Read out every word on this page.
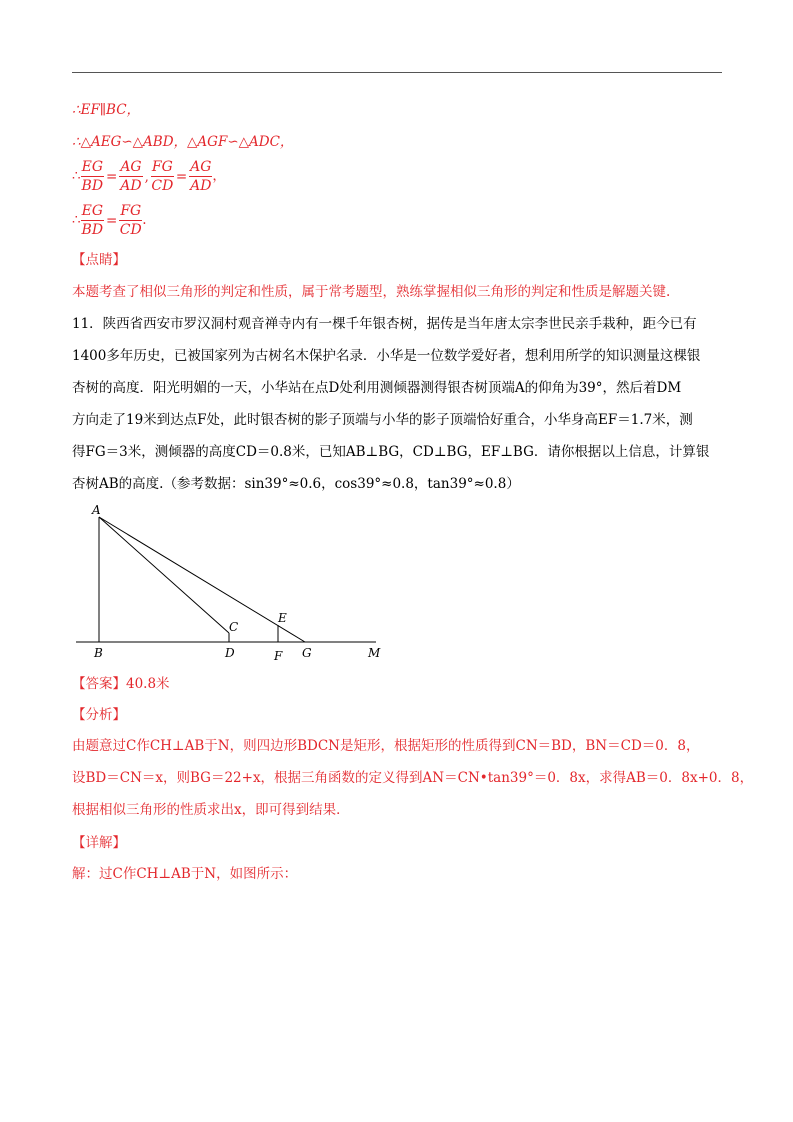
∴EF∥BC，
∴△AEG∽△ABD，△AGF∽△ADC，
∴ $\frac{EG}{BD} = \frac{AG}{AD}$ , $\frac{FG}{CD} = \frac{AG}{AD}$ ，
∴ $\frac{EG}{BD} = \frac{FG}{CD}$ .
【点睛】
本题考查了相似三角形的判定和性质，属于常考题型，熟练掌握相似三角形的判定和性质是解题关键.
11．陕西省西安市罗汉洞村观音禅寺内有一棵千年银杏树，据传是当年唐太宗李世民亲手栽种，距今已有
1400多年历史，已被国家列为古树名木保护名录．小华是一位数学爱好者，想利用所学的知识测量这棵银
杏树的高度．阳光明媚的一天，小华站在点D处利用测倾器测得银杏树顶端A的仰角为39°，然后着DM
方向走了19米到达点F处，此时银杏树的影子顶端与小华的影子顶端恰好重合，小华身高EF＝1.7米，测
得FG＝3米，测倾器的高度CD＝0.8米，已知AB⊥BG，CD⊥BG，EF⊥BG．请你根据以上信息，计算银
杏树AB的高度.（参考数据：sin39°≈0.6，cos39°≈0.8，tan39°≈0.8）
A
B
C
D
E
F G	M
【答案】40.8米
【分析】
由题意过C作CH⊥AB于N，则四边形BDCN是矩形，根据矩形的性质得到CN＝BD，BN＝CD＝0．8，
设BD＝CN＝x，则BG＝22+x，根据三角函数的定义得到AN＝CN•tan39°＝0．8x，求得AB＝0．8x+0．8，
根据相似三角形的性质求出x，即可得到结果．
【详解】
解：过C作CH⊥AB于N，如图所示：
